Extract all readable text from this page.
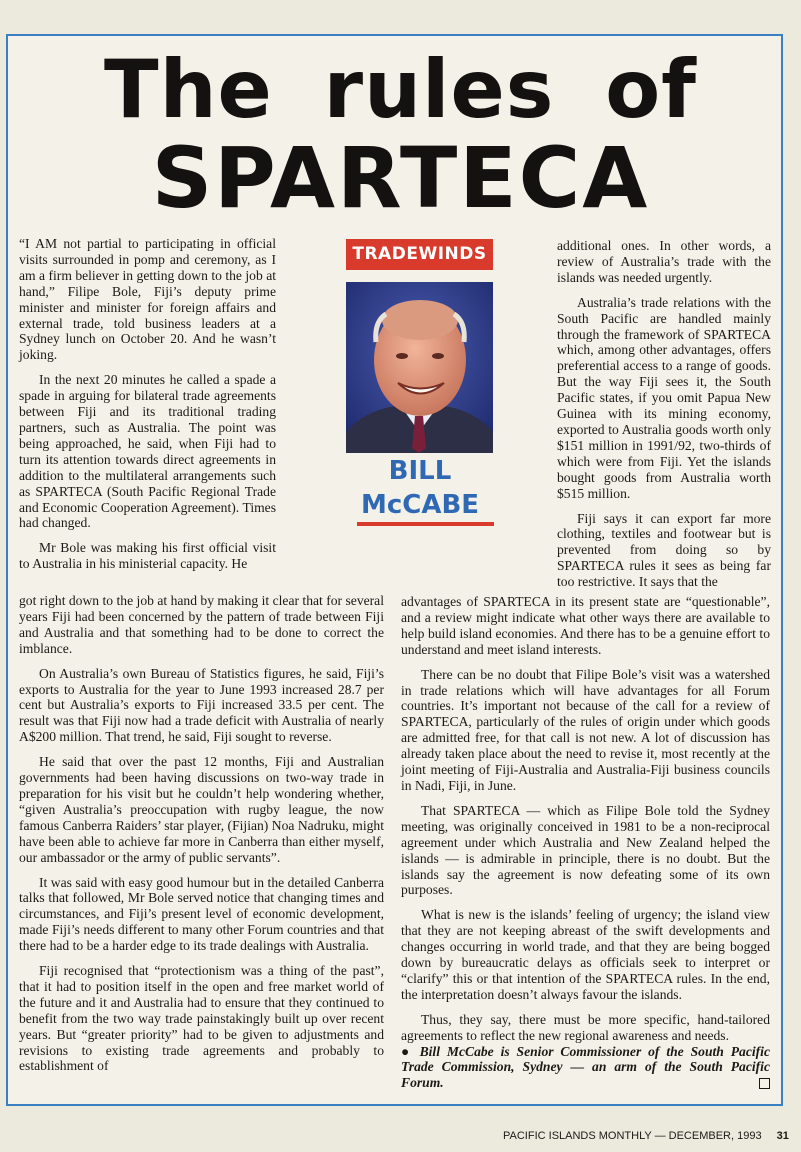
The rules of
SPARTECA
TRADEWINDS
BILL
McCABE

“I AM not partial to participating in official visits surrounded in pomp and ceremony, as I am a firm believer in getting down to the job at hand,” Filipe Bole, Fiji’s deputy prime minister and minister for foreign affairs and external trade, told business leaders at a Sydney lunch on October 20. And he wasn’t joking.

In the next 20 minutes he called a spade a spade in arguing for bilateral trade agreements between Fiji and its traditional trading partners, such as Australia. The point was being approached, he said, when Fiji had to turn its attention towards direct agreements in addition to the multilateral arrangements such as SPARTECA (South Pacific Regional Trade and Economic Cooperation Agreement). Times had changed.

Mr Bole was making his first official visit to Australia in his ministerial capacity. He

got right down to the job at hand by making it clear that for several years Fiji had been concerned by the pattern of trade between Fiji and Australia and that something had to be done to correct the imblance.

On Australia’s own Bureau of Statistics figures, he said, Fiji’s exports to Australia for the year to June 1993 increased 28.7 per cent but Australia’s exports to Fiji increased 33.5 per cent. The result was that Fiji now had a trade deficit with Australia of nearly A$200 million. That trend, he said, Fiji sought to reverse.

He said that over the past 12 months, Fiji and Australian governments had been having discussions on two-way trade in preparation for his visit but he couldn’t help wondering whether, “given Australia’s preoccupation with rugby league, the now famous Canberra Raiders’ star player, (Fijian) Noa Nadruku, might have been able to achieve far more in Canberra than either myself, our ambassador or the army of public servants”.

It was said with easy good humour but in the detailed Canberra talks that followed, Mr Bole served notice that changing times and circumstances, and Fiji’s present level of economic development, made Fiji’s needs different to many other Forum countries and that there had to be a harder edge to its trade dealings with Australia.

Fiji recognised that “protectionism was a thing of the past”, that it had to position itself in the open and free market world of the future and it and Australia had to ensure that they continued to benefit from the two way trade painstakingly built up over recent years. But “greater priority” had to be given to adjustments and revisions to existing trade agreements and probably to establishment of

additional ones. In other words, a review of Australia’s trade with the islands was needed urgently.

Australia’s trade relations with the South Pacific are handled mainly through the framework of SPARTECA which, among other advantages, offers preferential access to a range of goods. But the way Fiji sees it, the South Pacific states, if you omit Papua New Guinea with its mining economy, exported to Australia goods worth only $151 million in 1991/92, two-thirds of which were from Fiji. Yet the islands bought goods from Australia worth $515 million.

Fiji says it can export far more clothing, textiles and footwear but is prevented from doing so by SPARTECA rules it sees as being far too restrictive. It says that the

advantages of SPARTECA in its present state are “questionable”, and a review might indicate what other ways there are available to help build island economies. And there has to be a genuine effort to understand and meet island interests.

There can be no doubt that Filipe Bole’s visit was a watershed in trade relations which will have advantages for all Forum countries. It’s important not because of the call for a review of SPARTECA, particularly of the rules of origin under which goods are admitted free, for that call is not new. A lot of discussion has already taken place about the need to revise it, most recently at the joint meeting of Fiji-Australia and Australia-Fiji business councils in Nadi, Fiji, in June.

That SPARTECA — which as Filipe Bole told the Sydney meeting, was originally conceived in 1981 to be a non-reciprocal agreement under which Australia and New Zealand helped the islands — is admirable in principle, there is no doubt. But the islands say the agreement is now defeating some of its own purposes.

What is new is the islands’ feeling of urgency; the island view that they are not keeping abreast of the swift developments and changes occurring in world trade, and that they are being bogged down by bureaucratic delays as officials seek to interpret or “clarify” this or that intention of the SPARTECA rules. In the end, the interpretation doesn’t always favour the islands.

Thus, they say, there must be more specific, hand-tailored agreements to reflect the new regional awareness and needs.

● Bill McCabe is Senior Commissioner of the South Pacific Trade Commission, Sydney — an arm of the South Pacific Forum.

PACIFIC ISLANDS MONTHLY — DECEMBER, 1993 31
